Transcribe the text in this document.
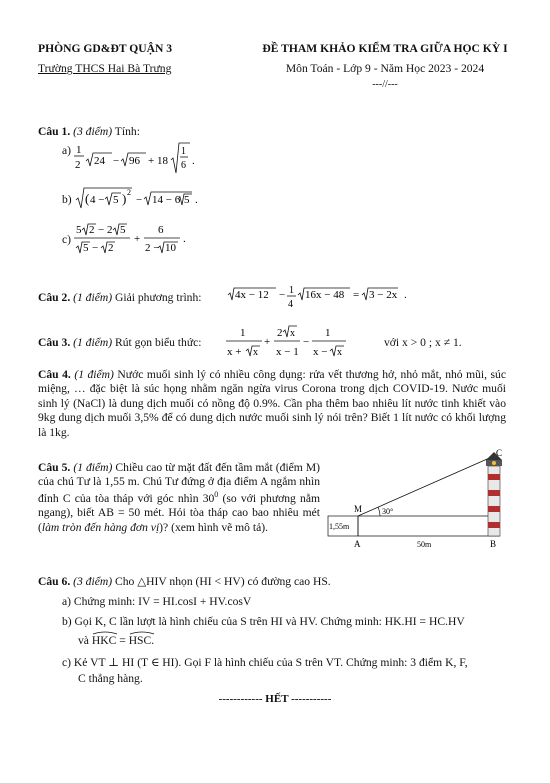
PHÒNG GD&ĐT QUẬN 3
Trường THCS Hai Bà Trưng
ĐỀ THAM KHẢO KIỂM TRA GIỮA HỌC KỲ I
Môn Toán - Lớp 9 - Năm Học 2023 - 2024
---//---
Câu 1. (3 điểm) Tính:
a) 1
2 24 − 96 + 18
1
6 .
b) ( 4 − 5 ) 2
− 14 − 6 5 .
c)
5 2 − 2 5
5 − 2
+
6
2 − 10
.
Câu 2. (1 điểm) Giải phương trình:	4x − 12 − 1
4
16x − 48 = 3 − 2x .
Câu 3. (1 điểm) Rút gọn biểu thức:
1
x + x
+
2 x
x − 1
−
1
x − x
với x > 0 ; x ≠ 1.
Câu 4. (1 điểm) Nước muối sinh lý có nhiều công dụng: rửa vết thương hở, nhỏ mắt, nhỏ mũi, súc miệng, … đặc biệt là súc họng nhằm ngăn ngừa virus Corona trong dịch COVID-19. Nước muối sinh lý (NaCl) là dung dịch muối có nồng độ 0.9%. Cần pha thêm bao nhiêu lít nước tinh khiết vào 9kg dung dịch muối 3,5% để có dung dịch nước muối sinh lý nói trên? Biết 1 lít nước có khối lượng là 1kg.
Câu 5. (1 điểm) Chiều cao từ mặt đất đến tầm mắt (điểm M) của chú Tư là 1,55 m. Chú Tư đứng ở địa điểm A ngắm nhìn đỉnh C của tòa tháp với góc nhìn $30^0$ (so với phương nằm ngang), biết AB = 50 mét. Hỏi tòa tháp cao bao nhiêu mét (làm tròn đến hàng đơn vị)? (xem hình vẽ mô tả).
30°
M
A	B
C
1,55m
50m
Câu 6. (3 điểm) Cho △HIV nhọn (HI < HV) có đường cao HS.
a) Chứng minh: IV = HI.cosI + HV.cosV
b) Gọi K, C lần lượt là hình chiếu của S trên HI và HV. Chứng minh: HK.HI = HC.HV
và HKC
= HSC
.
c) Kẻ VT ⊥ HI (T ∈ HI). Gọi F là hình chiếu của S trên VT. Chứng minh: 3 điểm K, F,
C thẳng hàng.
------------ HẾT -----------
